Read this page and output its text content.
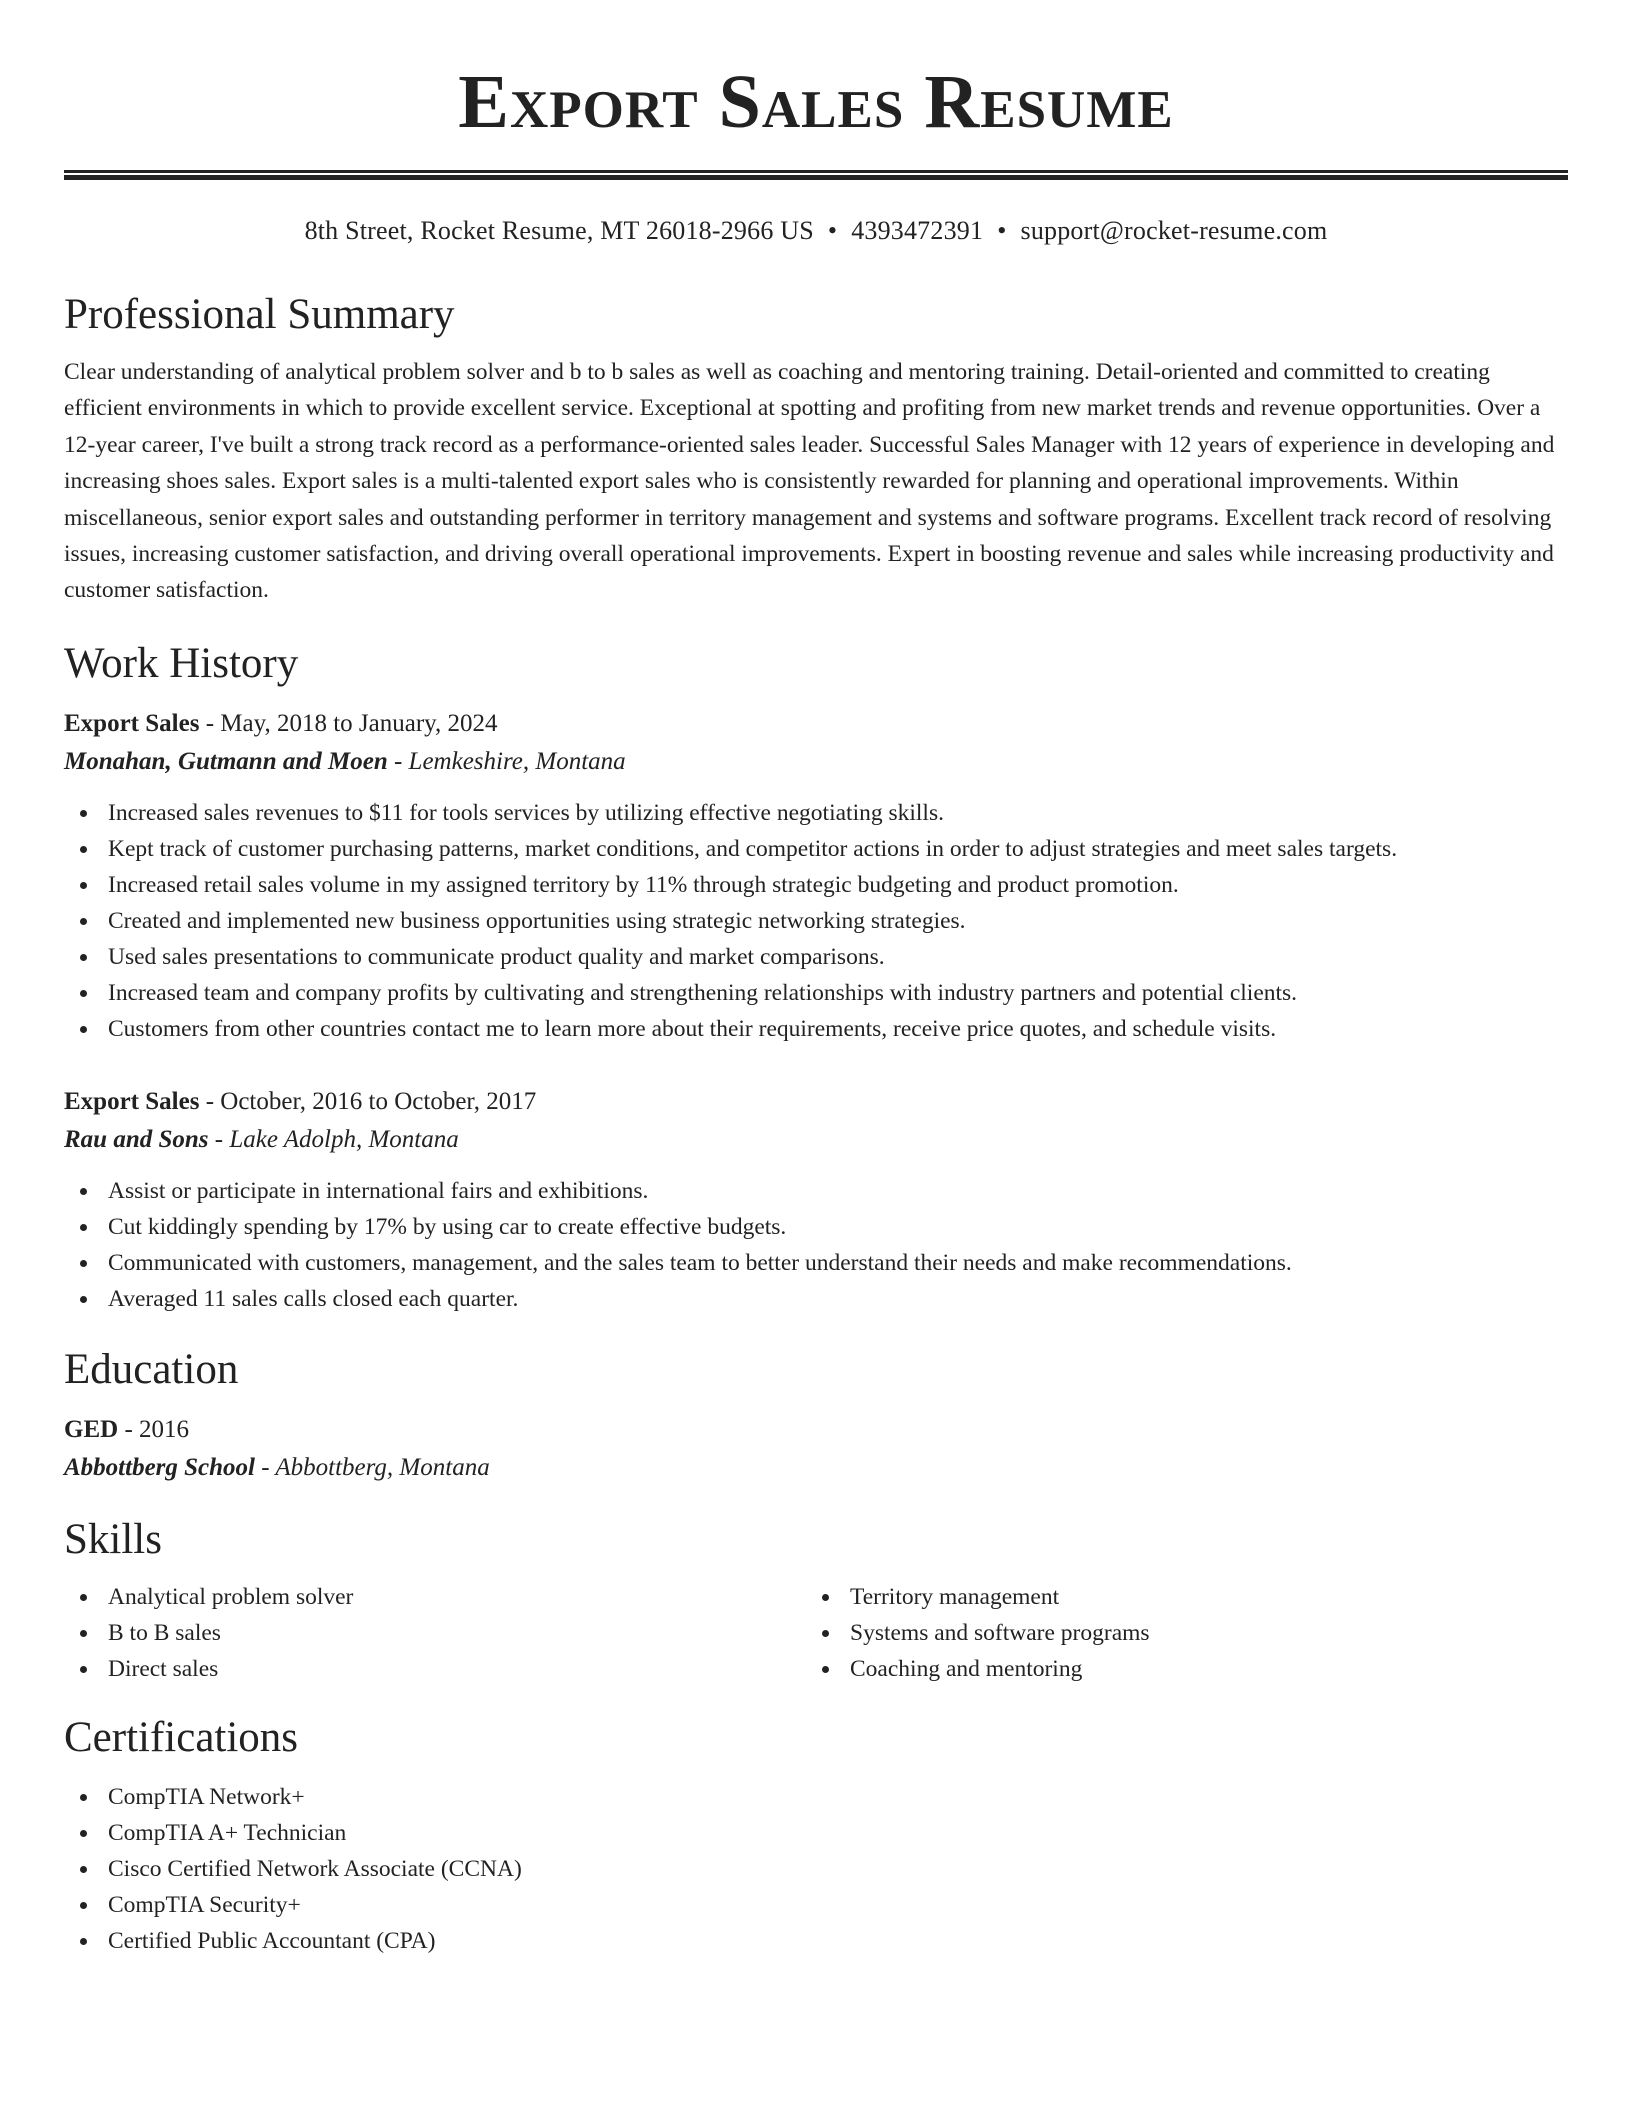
Export Sales Resume
8th Street, Rocket Resume, MT 26018-2966 US • 4393472391 • support@rocket-resume.com
Professional Summary

Clear understanding of analytical problem solver and b to b sales as well as coaching and mentoring training. Detail-oriented and committed to creating efficient environments in which to provide excellent service. Exceptional at spotting and profiting from new market trends and revenue opportunities. Over a 12-year career, I've built a strong track record as a performance-oriented sales leader. Successful Sales Manager with 12 years of experience in developing and increasing shoes sales. Export sales is a multi-talented export sales who is consistently rewarded for planning and operational improvements. Within miscellaneous, senior export sales and outstanding performer in territory management and systems and software programs. Excellent track record of resolving issues, increasing customer satisfaction, and driving overall operational improvements. Expert in boosting revenue and sales while increasing productivity and customer satisfaction.

Work History
Export Sales - May, 2018 to January, 2024
Monahan, Gutmann and Moen - Lemkeshire, Montana
Increased sales revenues to $11 for tools services by utilizing effective negotiating skills.
Kept track of customer purchasing patterns, market conditions, and competitor actions in order to adjust strategies and meet sales targets.
Increased retail sales volume in my assigned territory by 11% through strategic budgeting and product promotion.
Created and implemented new business opportunities using strategic networking strategies.
Used sales presentations to communicate product quality and market comparisons.
Increased team and company profits by cultivating and strengthening relationships with industry partners and potential clients.
Customers from other countries contact me to learn more about their requirements, receive price quotes, and schedule visits.
Export Sales - October, 2016 to October, 2017
Rau and Sons - Lake Adolph, Montana
Assist or participate in international fairs and exhibitions.
Cut kiddingly spending by 17% by using car to create effective budgets.
Communicated with customers, management, and the sales team to better understand their needs and make recommendations.
Averaged 11 sales calls closed each quarter.
Education
GED - 2016
Abbottberg School - Abbottberg, Montana
Skills
Analytical problem solver
B to B sales
Direct sales
Territory management
Systems and software programs
Coaching and mentoring
Certifications
CompTIA Network+
CompTIA A+ Technician
Cisco Certified Network Associate (CCNA)
CompTIA Security+
Certified Public Accountant (CPA)
